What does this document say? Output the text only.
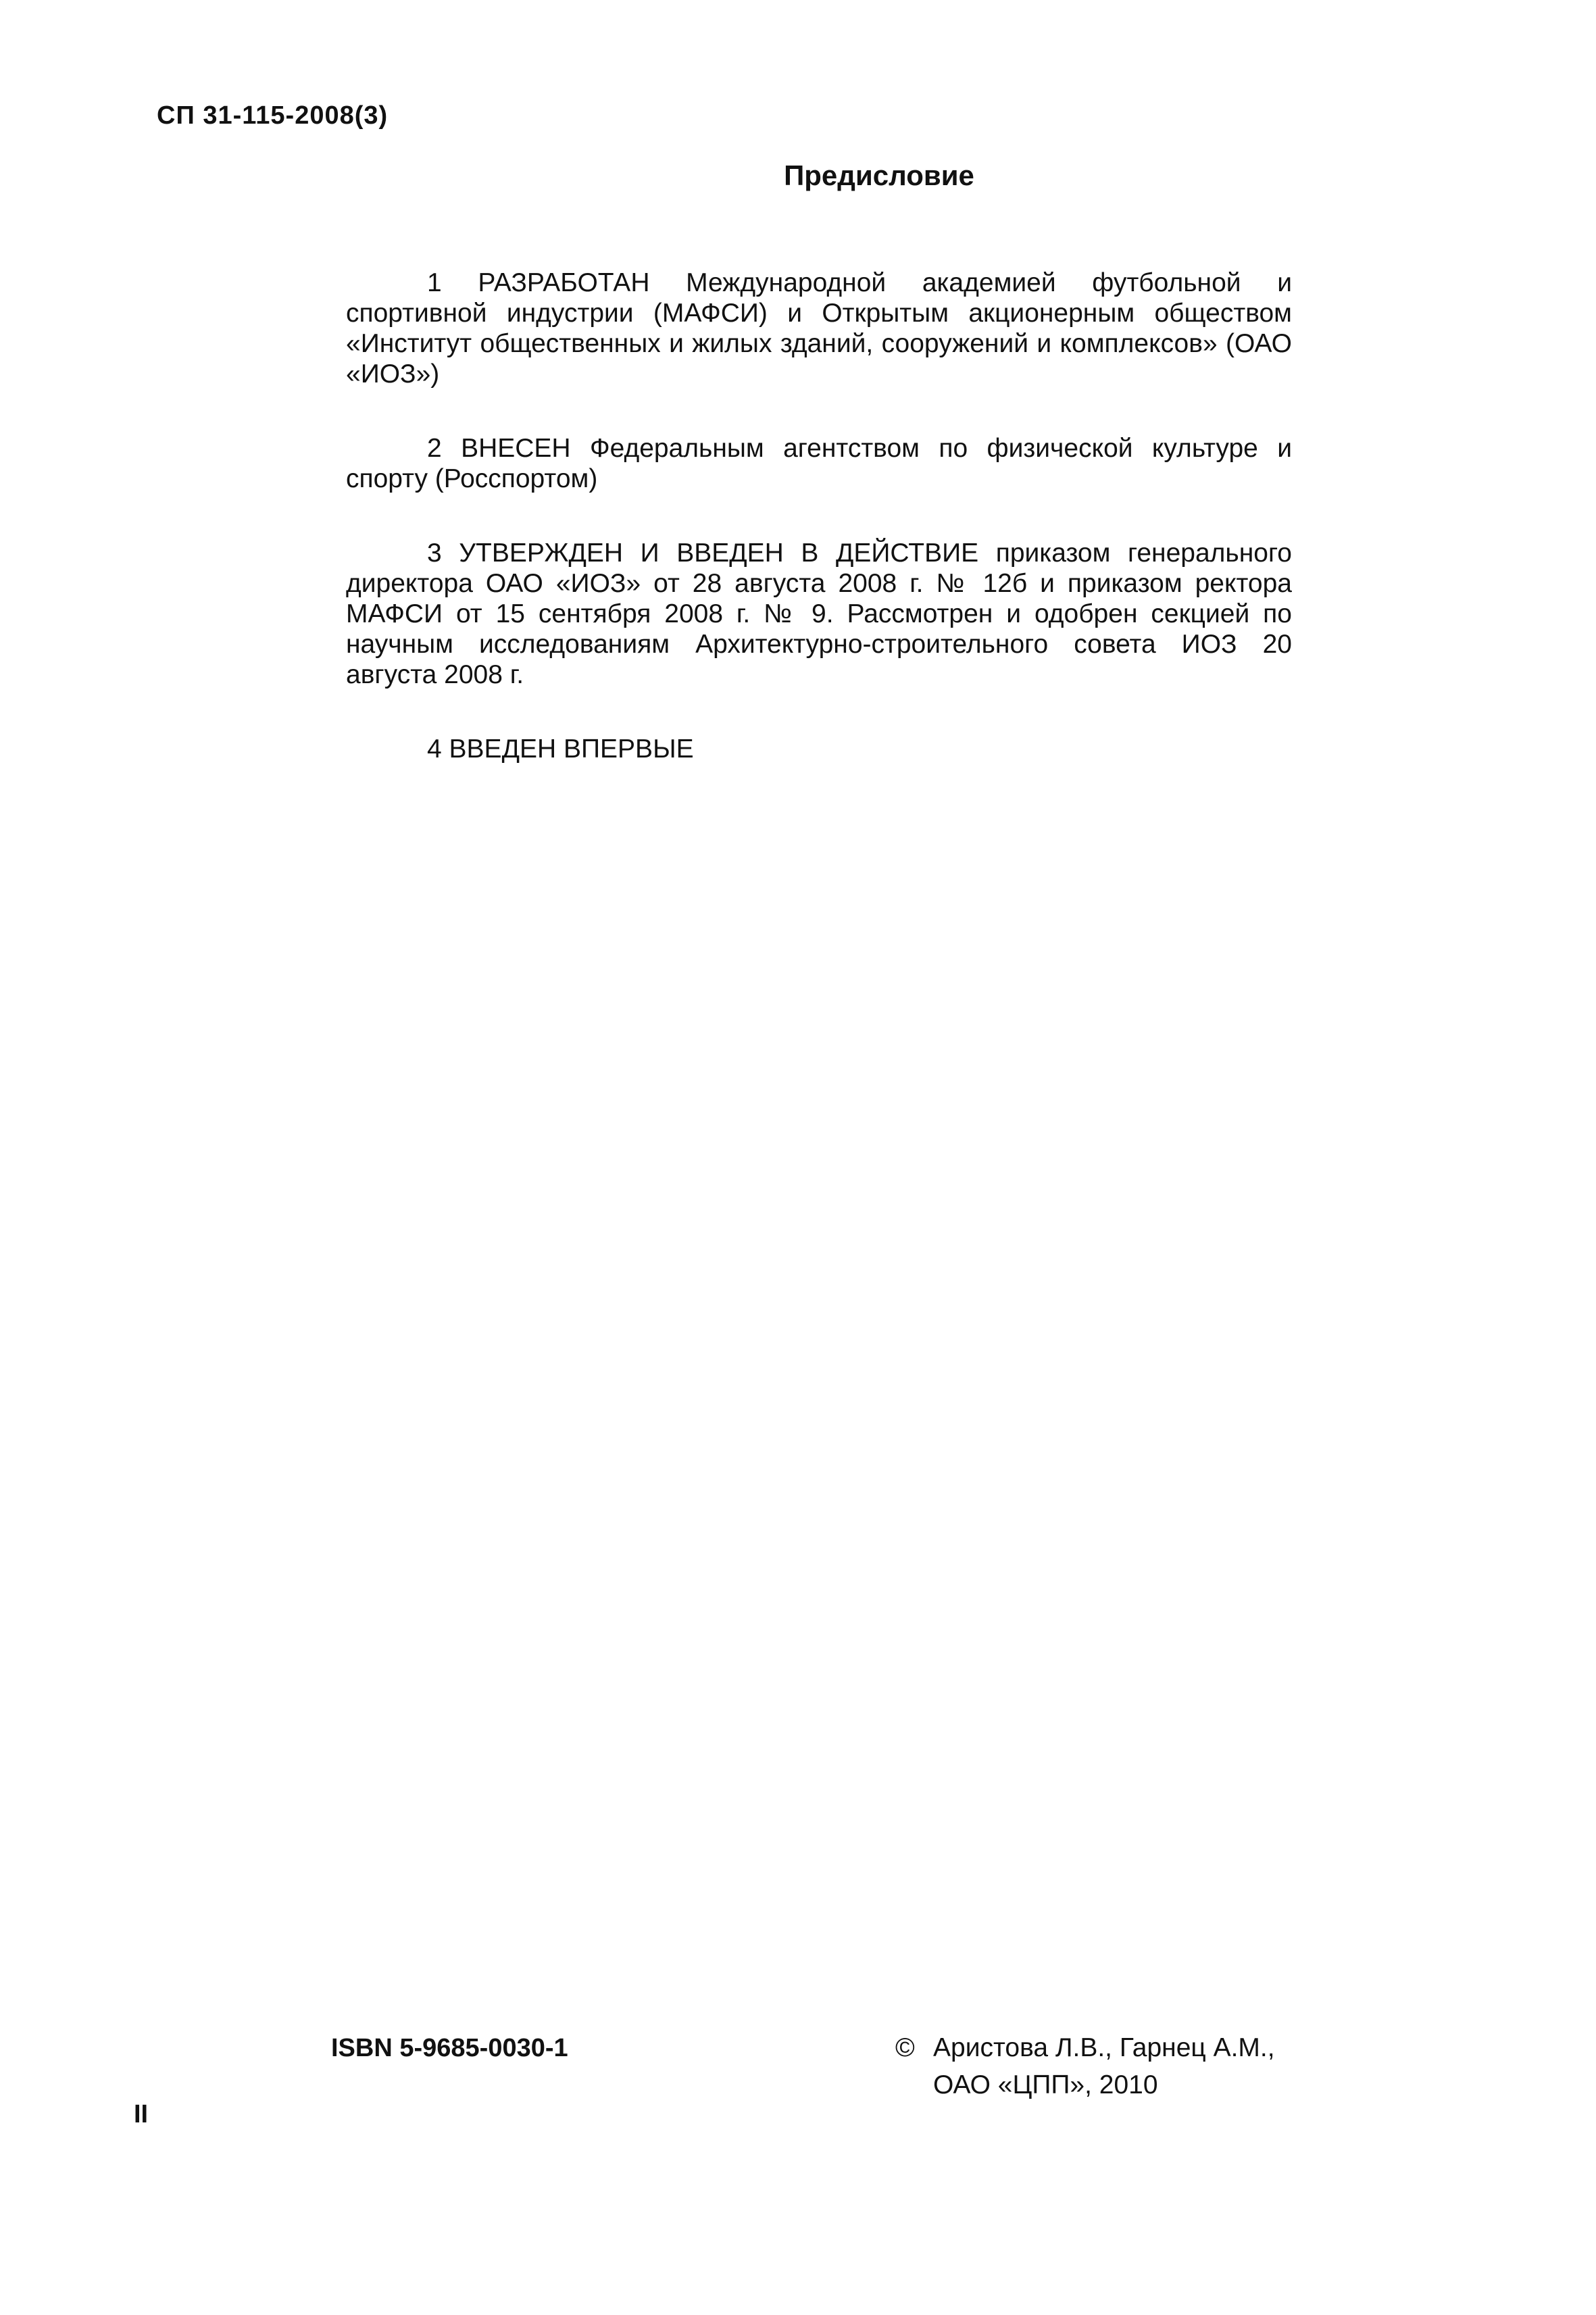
СП 31-115-2008(3)
Предисловие

1 РАЗРАБОТАН Международной академией футбольной и спортивной индустрии (МАФСИ) и Открытым акционерным обществом «Институт общественных и жилых зданий, сооружений и комплексов» (ОАО «ИОЗ»)

2 ВНЕСЕН Федеральным агентством по физической культуре и спорту (Росспортом)

3 УТВЕРЖДЕН И ВВЕДЕН В ДЕЙСТВИЕ приказом генерального директора ОАО «ИОЗ» от 28 августа 2008 г. № 12б и приказом ректора МАФСИ от 15 сентября 2008 г. № 9. Рассмотрен и одобрен секцией по научным исследованиям Архитектурно-строительного совета ИОЗ 20 августа 2008 г.

4 ВВЕДЕН ВПЕРВЫЕ

ISBN 5-9685-0030-1	© Аристова Л.В., Гарнец А.М.,
ОАО «ЦПП», 2010
II
